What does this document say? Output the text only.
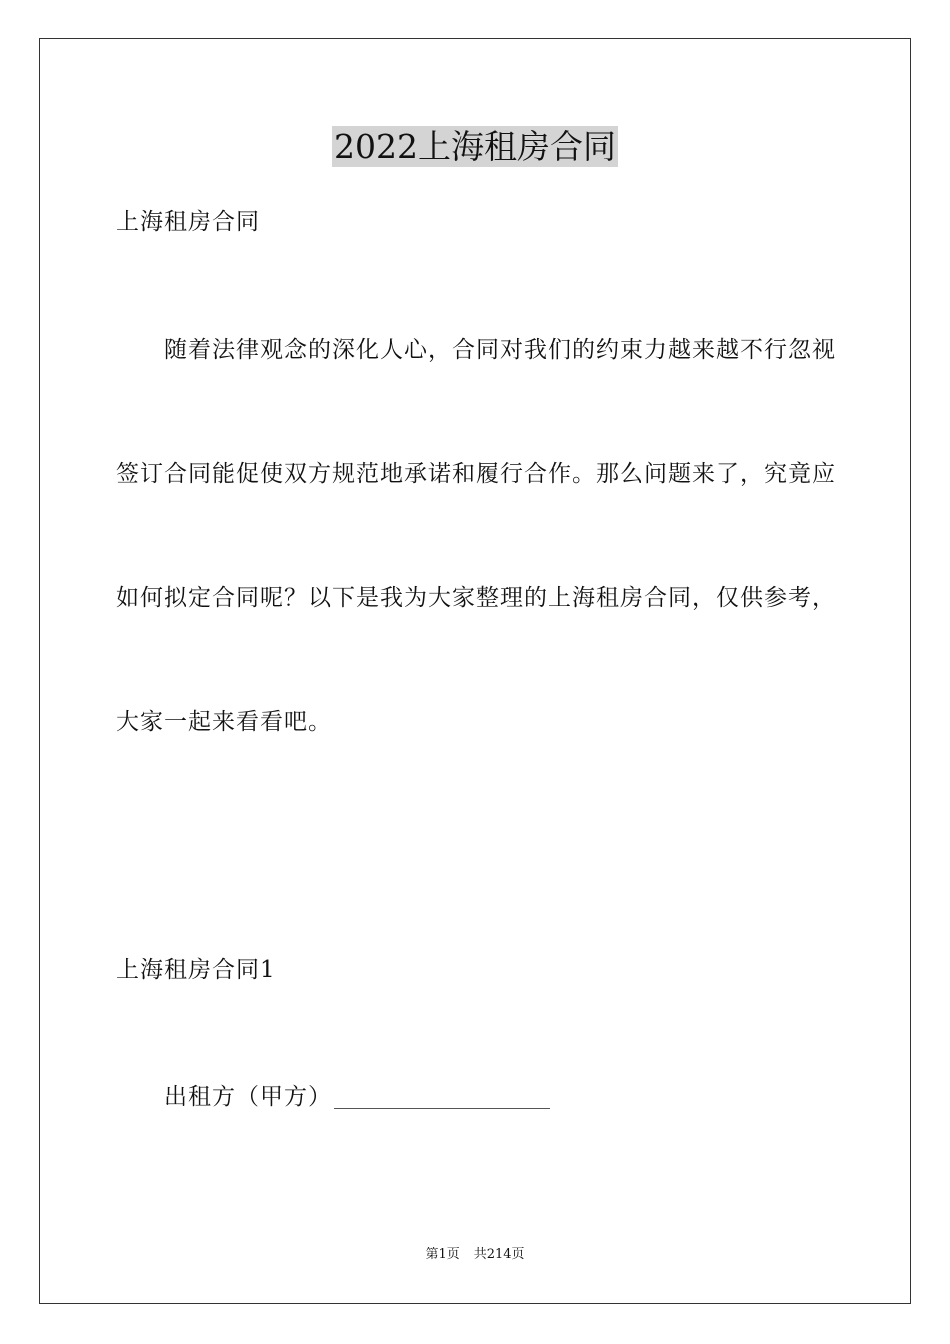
2022上海租房合同

上海租房合同

随着法律观念的深化人心，合同对我们的约束力越来越不行忽视

签订合同能促使双方规范地承诺和履行合作。那么问题来了，究竟应

如何拟定合同呢？以下是我为大家整理的上海租房合同，仅供参考，

大家一起来看看吧。

上海租房合同1

出租方（甲方）

第1页 共214页
